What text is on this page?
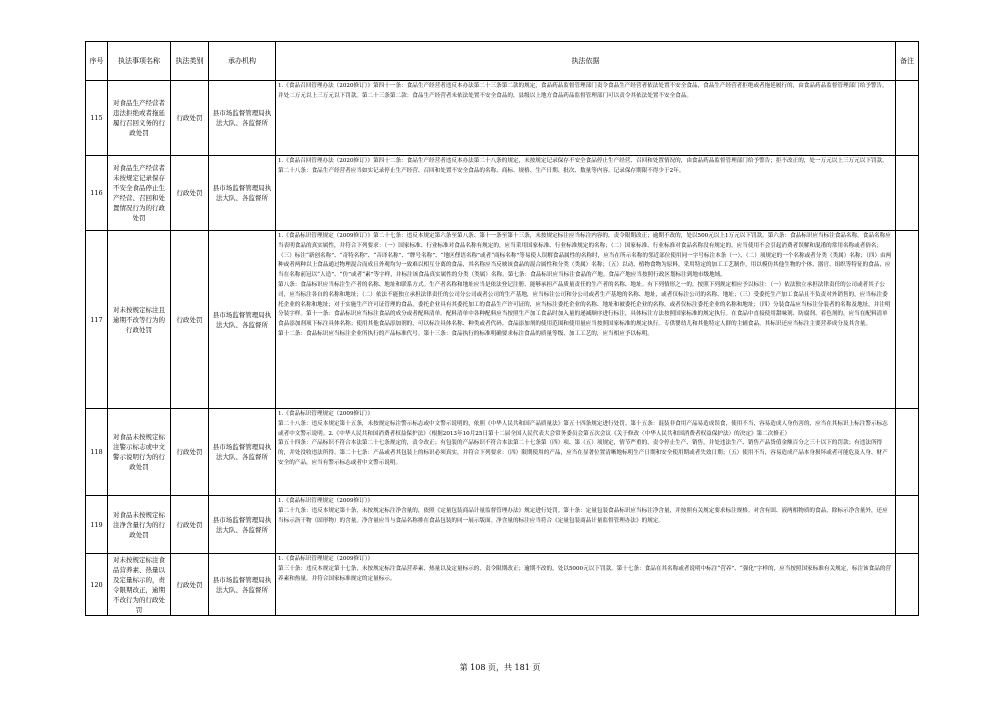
序号	执法事项名称	执法类别	承办机构	执法依据	备注
115	对食品生产经营者违法拒绝或者拖延履行召回义务的行政处罚	行政处罚	县市场监督管理局执法大队、各监督所	1.《食品召回管理办法（2020修订）》第四十一条：食品生产经营者违反本办法第二十三条第二款的规定，食品药品监督管理部门责令食品生产经营者依法处置不安全食品，食品生产经营者拒绝或者拖延履行的，由食品药品监督管理部门给予警告，并处二万元以上三万元以下罚款。第二十三条第二款：食品生产经营者未依法处置不安全食品的，县级以上地方食品药品监督管理部门可以责令其依法处置不安全食品。	

116	对食品生产经营者未按规定记录保存不安全食品停止生产经营、召回和处置情况行为的行政处罚	行政处罚	县市场监督管理局执法大队、各监督所	1.《食品召回管理办法（2020修订）》第四十二条：食品生产经营者违反本办法第二十八条的规定，未按规定记录保存不安全食品停止生产经营、召回和处置情况的，由食品药品监督管理部门给予警告；拒不改正的，处一万元以上三万元以下罚款。第二十八条：食品生产经营者应当如实记录停止生产经营、召回和处置不安全食品的名称、商标、规格、生产日期、批次、数量等内容。记录保存期限不得少于2年。	

117	对未按规定标注且逾期不改等行为的行政处罚	行政处罚	县市场监督管理局执法大队、各监督所	1.《食品标识管理规定（2009修订）》第二十七条：违反本规定第六条至第八条、第十一条至第十三条，未按规定标注应当标注内容的，责令限期改正；逾期不改的，处以500元以上1万元以下罚款。第六条：食品标识应当标注食品名称。食品名称应当表明食品的真实属性，并符合下列要求：（一）国家标准、行业标准对食品名称有规定的，应当采用国家标准、行业标准规定的名称；（二）国家标准、行业标准对食品名称没有规定的，应当使用不会引起消费者误解和混淆的常用名称或者俗名；（三）标注“新创名称”、“奇特名称”、“音译名称”、“牌号名称”、“地区俚语名称”或者“商标名称”等易使人误解食品属性的名称时，应当在所示名称的邻近部位使用同一字号标注本条（一）、（二）项规定的一个名称或者分类（类属）名称；（四）由两种或者两种以上食品通过物理混合而成且外观均匀一致难以相互分离的食品，其名称应当反映该食品的混合属性和分类（类属）名称；（五）以动、植物食物为原料，采用特定的加工工艺制作，用以模仿其他生物的个体、器官、组织等特征的食品，应当在名称前冠以“人造”、“仿”或者“素”等字样，并标注该食品真实属性的分类（类属）名称。第七条：食品标识应当标注食品的产地。食品产地应当按照行政区划标注到地市级地域。
第八条：食品标识应当标注生产者的名称、地址和联系方式。生产者名称和地址应当是依法登记注册、能够承担产品质量责任的生产者的名称、地址。有下列情形之一的，按照下列规定相应予以标注：（一）依法独立承担法律责任的公司或者其子公司，应当标注各自的名称和地址；（二）依法不能独立承担法律责任的公司分公司或者公司的生产基地，应当标注公司和分公司或者生产基地的名称、地址，或者仅标注公司的名称、地址；（三）受委托生产加工食品且不负责对外销售的，应当标注委托企业的名称和地址；对于实施生产许可证管理的食品，委托企业具有其委托加工的食品生产许可证的，应当标注委托企业的名称、地址和被委托企业的名称，或者仅标注委托企业的名称和地址；（四）分装食品应当标注分装者的名称及地址，并注明分装字样。第十一条：食品标识应当标注食品的成分或者配料清单。配料清单中各种配料应当按照生产加工食品时加入量的递减顺序进行标注，具体标注方法按照国家标准的规定执行。在食品中直接使用甜味剂、防腐剂、着色剂的，应当在配料清单食品添加剂项下标注具体名称；使用其他食品添加剂的，可以标注具体名称、种类或者代码。食品添加剂的使用范围和使用量应当按照国家标准的规定执行。专供婴幼儿和其他特定人群的主辅食品，其标识还应当标注主要营养成分及其含量。
第十二条：食品标识应当标注企业所执行的产品标准代号。第十三条：食品执行的标准明确要求标注食品的质量等级、加工工艺的，应当相应予以标明。	

118	对食品未按规定标注警示标志或中文警示说明行为的行政处罚	行政处罚	县市场监督管理局执法大队、各监督所	1.《食品标识管理规定（2009修订）》
第二十八条：违反本规定第十五条，未按规定标注警示标志或中文警示说明的，依照《中华人民共和国产品质量法》第五十四条规定进行处罚。第十五条：混装非食用产品易造成误食，使用不当，容易造成人身伤害的，应当在其标识上标注警示标志或者中文警示说明。2.《中华人民共和国消费者权益保护法》（根据2013年10月25日第十二届全国人民代表大会常务委员会第五次会议《关于修改〈中华人民共和国消费者权益保护法〉的决定》第二次修正）
第五十四条：产品标识不符合本法第二十七条规定的，责令改正；有包装的产品标识不符合本法第二十七条第（四）项、第（五）项规定，情节严重的，责令停止生产、销售，并处违法生产、销售产品货值金额百分之三十以下的罚款；有违法所得的，并处没收违法所得。第二十七条：产品或者其包装上的标识必须真实，并符合下列要求：（四）限期使用的产品，应当在显著位置清晰地标明生产日期和安全使用期或者失效日期；（五）使用不当，容易造成产品本身损坏或者可能危及人身、财产安全的产品，应当有警示标志或者中文警示说明。	

119	对食品未按规定标注净含量行为的行政处罚	行政处罚	县市场监督管理局执法大队、各监督所	1.《食品标识管理规定（2009修订）》
第二十九条：违反本规定第十条，未按规定标注净含量的，依照《定量包装商品计量监督管理办法》规定进行处罚。第十条：定量包装食品标识应当标注净含量，并按照有关规定要求标注规格。对含有固、液两相物质的食品，除标示净含量外，还应当标示沥干物（固形物）的含量。净含量应当与食品名称排在食品包装的同一展示版面。净含量的标注应当符合《定量包装商品计量监督管理办法》的规定。	

120	对未按规定标注食品营养素、热量以及定量标示的，责令限期改正，逾期不改行为的行政处罚	行政处罚	县市场监督管理局执法大队、各监督所	1.《食品标识管理规定（2009修订）》
第三十条：违反本规定第十七条，未按规定标注食品营养素、热量以及定量标示的，责令限期改正；逾期不改的，处以5000元以下罚款。第十七条：食品在其名称或者说明中标注“营养”、“强化”字样的，应当按照国家标准有关规定，标注该食品的营养素和热量，并符合国家标准规定的定量标示。	

第 108 页，共 181 页
